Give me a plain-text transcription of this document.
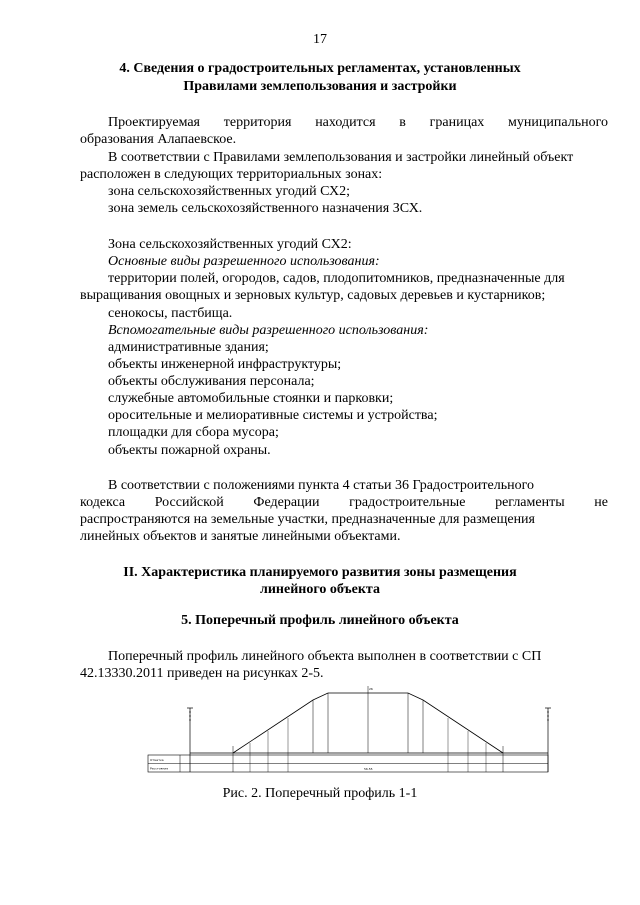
17
4. Сведения о градостроительных регламентах, установленных
Правилами землепользования и застройки
Проектируемая территория находится в границах муниципального
образования Алапаевское.
В соответствии с Правилами землепользования и застройки линейный объект
расположен в следующих территориальных зонах:
зона сельскохозяйственных угодий СХ2;
зона земель сельскохозяйственного назначения ЗСХ.
Зона сельскохозяйственных угодий СХ2:
Основные виды разрешенного использования:
территории полей, огородов, садов, плодопитомников, предназначенные для
выращивания овощных и зерновых культур, садовых деревьев и кустарников;
сенокосы, пастбища.
Вспомогательные виды разрешенного использования:
административные здания;
объекты инженерной инфраструктуры;
объекты обслуживания персонала;
служебные автомобильные стоянки и парковки;
оросительные и мелиоративные системы и устройства;
площадки для сбора мусора;
объекты пожарной охраны.
В соответствии с положениями пункта 4 статьи 36 Градостроительного
кодекса Российской Федерации градостроительные регламенты не
распространяются на земельные участки, предназначенные для размещения
линейных объектов и занятые линейными объектами.
II. Характеристика планируемого развития зоны размещения
линейного объекта
5. Поперечный профиль линейного объекта
Поперечный профиль линейного объекта выполнен в соответствии с СП
42.13330.2011 приведен на рисунках 2-5.
26
Отметка
Расстояние	56.55
Рис. 2. Поперечный профиль 1-1
